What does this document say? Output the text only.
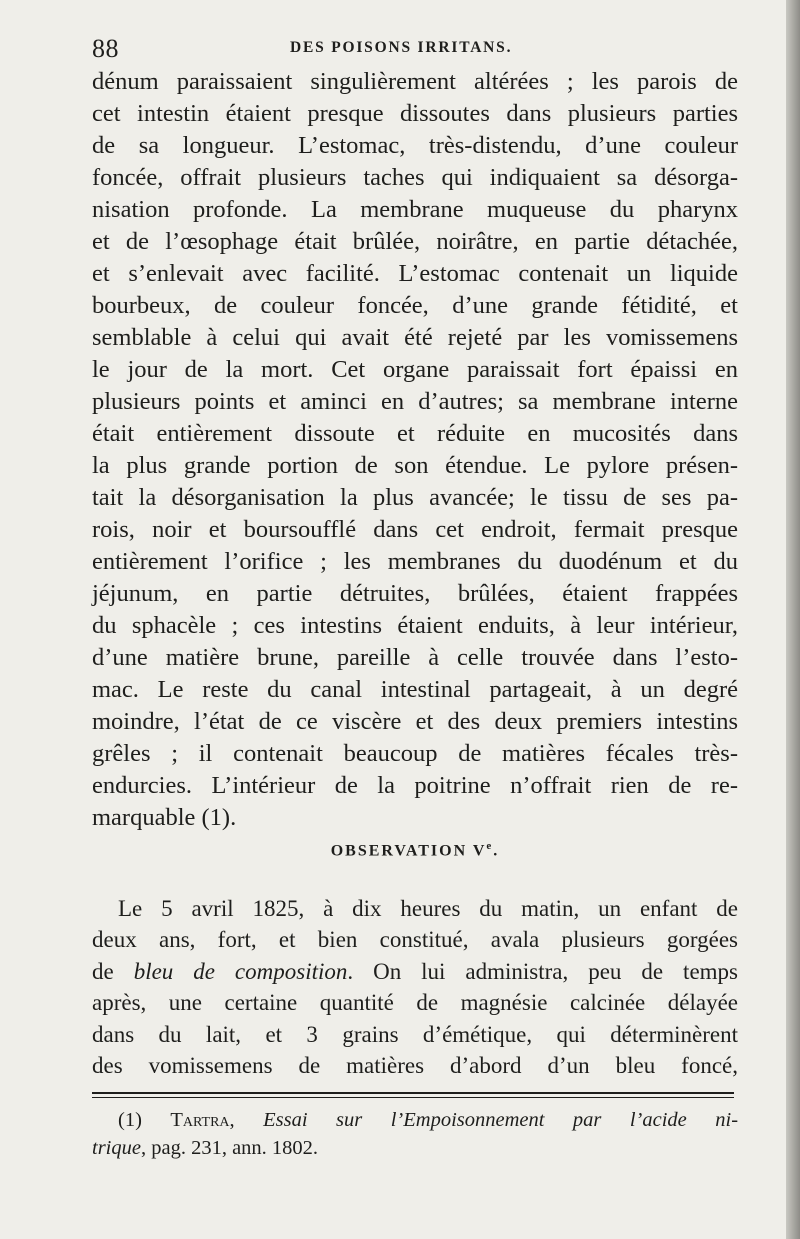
88	DES POISONS IRRITANS.
dénum paraissaient singulièrement altérées ; les parois de
cet intestin étaient presque dissoutes dans plusieurs parties
de sa longueur. L’estomac, très-distendu, d’une couleur
foncée, offrait plusieurs taches qui indiquaient sa désorga-
nisation profonde. La membrane muqueuse du pharynx
et de l’œsophage était brûlée, noirâtre, en partie détachée,
et s’enlevait avec facilité. L’estomac contenait un liquide
bourbeux, de couleur foncée, d’une grande fétidité, et
semblable à celui qui avait été rejeté par les vomissemens
le jour de la mort. Cet organe paraissait fort épaissi en
plusieurs points et aminci en d’autres; sa membrane interne
était entièrement dissoute et réduite en mucosités dans
la plus grande portion de son étendue. Le pylore présen-
tait la désorganisation la plus avancée; le tissu de ses pa-
rois, noir et boursoufflé dans cet endroit, fermait presque
entièrement l’orifice ; les membranes du duodénum et du
jéjunum, en partie détruites, brûlées, étaient frappées
du sphacèle ; ces intestins étaient enduits, à leur intérieur,
d’une matière brune, pareille à celle trouvée dans l’esto-
mac. Le reste du canal intestinal partageait, à un degré
moindre, l’état de ce viscère et des deux premiers intestins
grêles ; il contenait beaucoup de matières fécales très-
endurcies. L’intérieur de la poitrine n’offrait rien de re-
marquable (1).
OBSERVATION Ve.
Le 5 avril 1825, à dix heures du matin, un enfant de
deux ans, fort, et bien constitué, avala plusieurs gorgées
de bleu de composition. On lui administra, peu de temps
après, une certaine quantité de magnésie calcinée délayée
dans du lait, et 3 grains d’émétique, qui déterminèrent
des vomissemens de matières d’abord d’un bleu foncé,
(1) Tartra, Essai sur l’Empoisonnement par l’acide ni-
trique, pag. 231, ann. 1802.
